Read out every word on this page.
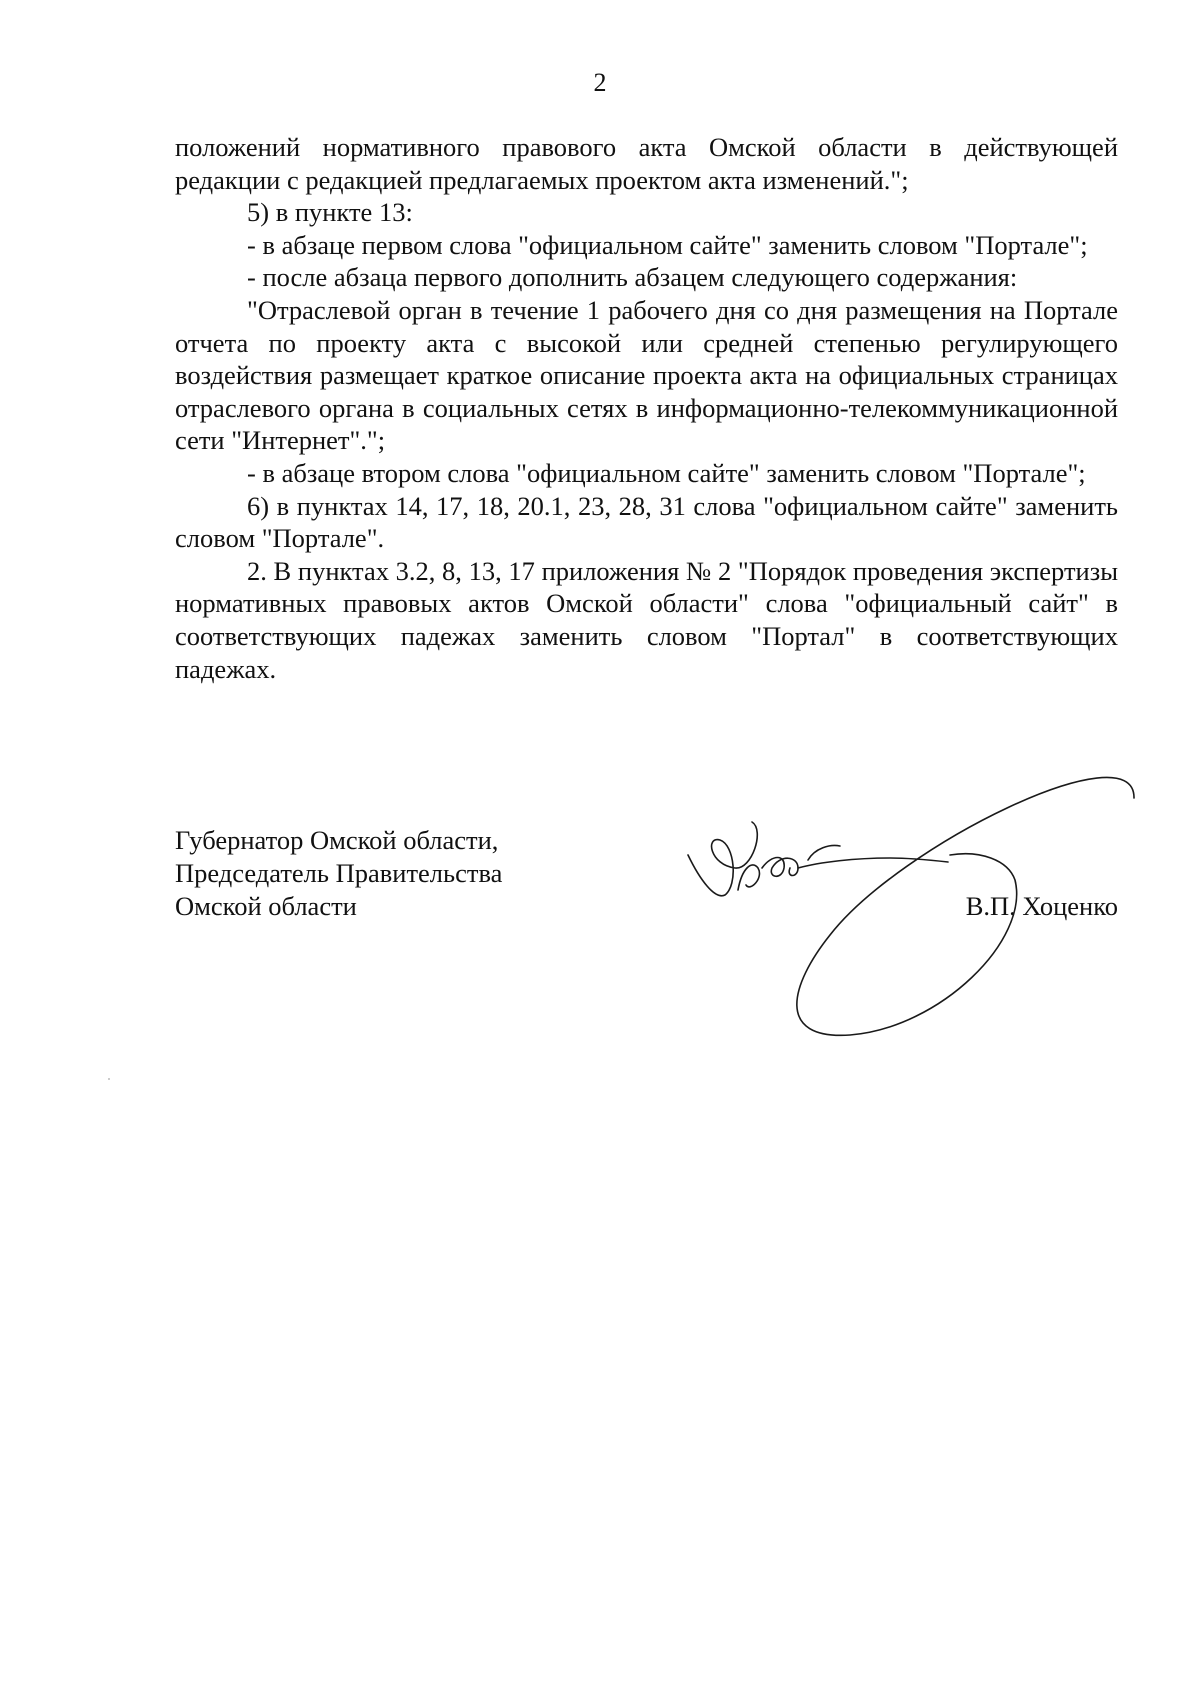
2

положений нормативного правового акта Омской области в действующей редакции с редакцией предлагаемых проектом акта изменений.";

5) в пункте 13:

- в абзаце первом слова "официальном сайте" заменить словом "Портале";

- после абзаца первого дополнить абзацем следующего содержания:

"Отраслевой орган в течение 1 рабочего дня со дня размещения на Портале отчета по проекту акта с высокой или средней степенью регулирующего воздействия размещает краткое описание проекта акта на официальных страницах отраслевого органа в социальных сетях в информационно-телекоммуникационной сети "Интернет".";

- в абзаце втором слова "официальном сайте" заменить словом "Портале";

6) в пунктах 14, 17, 18, 20.1, 23, 28, 31 слова "официальном сайте" заменить словом "Портале".

2. В пунктах 3.2, 8, 13, 17 приложения № 2 "Порядок проведения экспертизы нормативных правовых актов Омской области" слова "официальный сайт" в соответствующих падежах заменить словом "Портал" в соответствующих падежах.

Губернатор Омской области,
Председатель Правительства
Омской области	В.П. Хоценко
